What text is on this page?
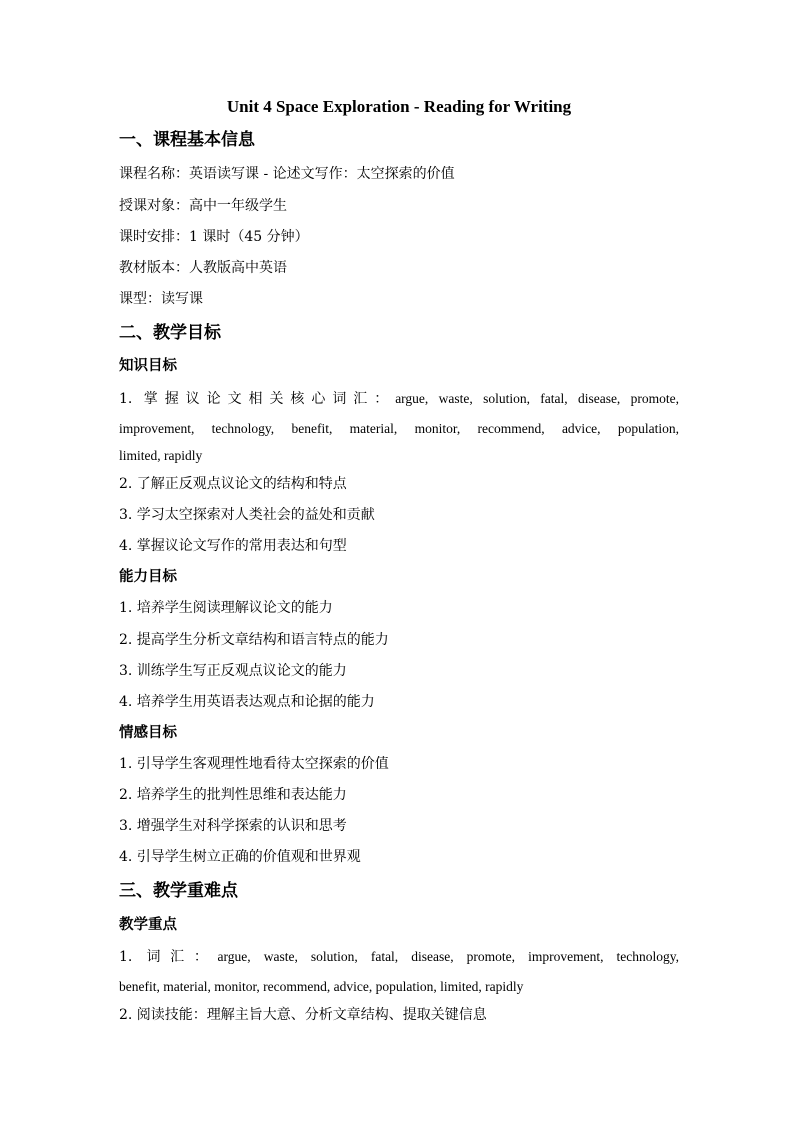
Unit 4 Space Exploration - Reading for Writing
一、课程基本信息
课程名称：英语读写课 - 论述文写作：太空探索的价值
授课对象：高中一年级学生
课时安排：1 课时（45 分钟）
教材版本：人教版高中英语
课型：读写课
二、教学目标
知识目标
1. 掌握议论文相关核心词汇：argue, waste, solution, fatal, disease, promote,
improvement, technology, benefit, material, monitor, recommend, advice, population,
limited, rapidly
2. 了解正反观点议论文的结构和特点
3. 学习太空探索对人类社会的益处和贡献
4. 掌握议论文写作的常用表达和句型
能力目标
1. 培养学生阅读理解议论文的能力
2. 提高学生分析文章结构和语言特点的能力
3. 训练学生写正反观点议论文的能力
4. 培养学生用英语表达观点和论据的能力
情感目标
1. 引导学生客观理性地看待太空探索的价值
2. 培养学生的批判性思维和表达能力
3. 增强学生对科学探索的认识和思考
4. 引导学生树立正确的价值观和世界观
三、教学重难点
教学重点
1. 词汇：argue, waste, solution, fatal, disease, promote, improvement, technology,
benefit, material, monitor, recommend, advice, population, limited, rapidly
2. 阅读技能：理解主旨大意、分析文章结构、提取关键信息
